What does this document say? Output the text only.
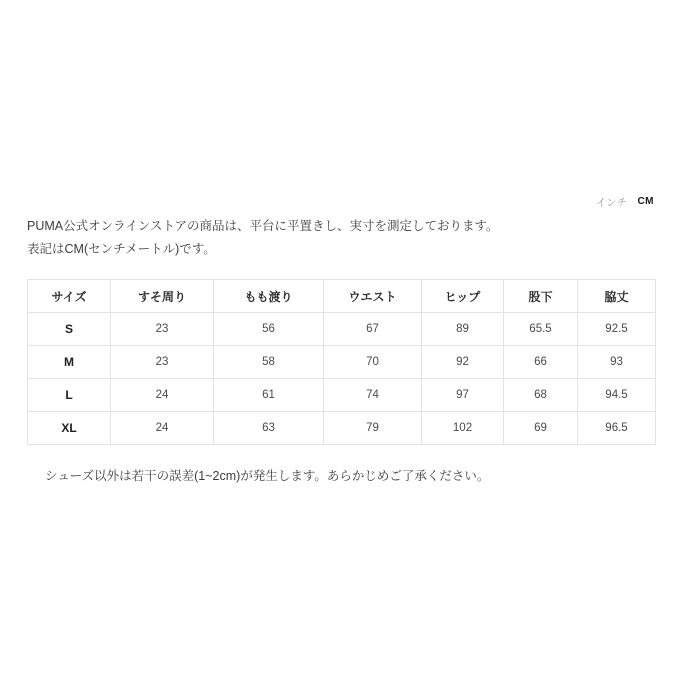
インチ CM
PUMA公式オンラインストアの商品は、平台に平置きし、実寸を測定しております。
表記はCM(センチメートル)です。
サイズ	すそ周り	もも渡り	ウエスト	ヒップ	股下	脇丈
S	23	56	67	89	65.5	92.5
M	23	58	70	92	66	93
L	24	61	74	97	68	94.5
XL	24	63	79	102	69	96.5
シューズ以外は若干の誤差(1~2cm)が発生します。あらかじめご了承ください。
